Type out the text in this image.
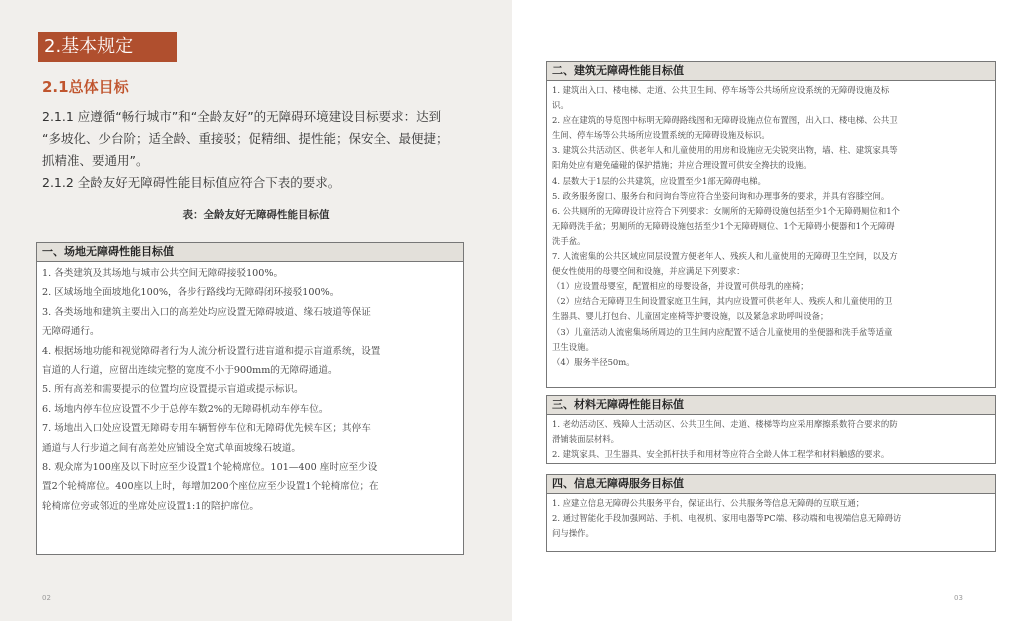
2.基本规定
2.1总体目标
2.1.1 应遵循“畅行城市”和“全龄友好”的无障碍环境建设目标要求：达到
“多坡化、少台阶；适全龄、重接驳；促精细、提性能；保安全、最便捷；
抓精准、要通用”。
2.1.2 全龄友好无障碍性能目标值应符合下表的要求。
表：全龄友好无障碍性能目标值
一、场地无障碍性能目标值
1. 各类建筑及其场地与城市公共空间无障碍接驳100%。
2. 区域场地全面坡地化100%，各步行路线均无障碍闭环接驳100%。
3. 各类场地和建筑主要出入口的高差处均应设置无障碍坡道、缘石坡道等保证
无障碍通行。
4. 根据场地功能和视觉障碍者行为人流分析设置行进盲道和提示盲道系统，设置
盲道的人行道，应留出连续完整的宽度不小于900mm的无障碍通道。
5. 所有高差和需要提示的位置均应设置提示盲道或提示标识。
6. 场地内停车位应设置不少于总停车数2%的无障碍机动车停车位。
7. 场地出入口处应设置无障碍专用车辆暂停车位和无障碍优先候车区；其停车
通道与人行步道之间有高差处应铺设全宽式单面坡缘石坡道。
8. 观众席为100座及以下时应至少设置1个轮椅席位。101—400 座时应至少设
置2个轮椅席位。400座以上时，每增加200个座位应至少设置1个轮椅席位；在
轮椅席位旁或邻近的坐席处应设置1:1的陪护席位。
02
二、建筑无障碍性能目标值
1. 建筑出入口、楼电梯、走道、公共卫生间、停车场等公共场所应设系统的无障碍设施及标
识。
2. 应在建筑的导览图中标明无障碍路线图和无障碍设施点位布置图，出入口、楼电梯、公共卫
生间、停车场等公共场所应设置系统的无障碍设施及标识。
3. 建筑公共活动区、供老年人和儿童使用的用房和设施应无尖锐突出物，墙、柱、建筑家具等
阳角处应有避免磕碰的保护措施；并应合理设置可供安全搀扶的设施。
4. 层数大于1层的公共建筑，应设置至少1部无障碍电梯。
5. 政务服务窗口、服务台和问询台等应符合坐姿问询和办理事务的要求，并具有容膝空间。
6. 公共厕所的无障碍设计应符合下列要求：女厕所的无障碍设施包括至少1个无障碍厕位和1个
无障碍洗手盆；男厕所的无障碍设施包括至少1个无障碍厕位、1个无障碍小便器和1个无障碍
洗手盆。
7. 人流密集的公共区域应同层设置方便老年人、残疾人和儿童使用的无障碍卫生空间，以及方
便女性使用的母婴空间和设施，并应满足下列要求：
（1）应设置母婴室，配置相应的母婴设备，并设置可供母乳的座椅；
（2）应结合无障碍卫生间设置家庭卫生间，其内应设置可供老年人、残疾人和儿童使用的卫
生器具、婴儿打包台、儿童固定座椅等护婴设施，以及紧急求助呼叫设备；
（3）儿童活动人流密集场所周边的卫生间内应配置不适合儿童使用的坐便器和洗手盆等适童
卫生设施。
（4）服务半径50m。
三、材料无障碍性能目标值
1. 老幼活动区、残障人士活动区、公共卫生间、走道、楼梯等均应采用摩擦系数符合要求的防
滑铺装面层材料。
2. 建筑家具、卫生器具、安全抓杆扶手和用材等应符合全龄人体工程学和材料触感的要求。
四、信息无障碍服务目标值
1. 应建立信息无障碍公共服务平台，保证出行、公共服务等信息无障碍的互联互通；
2. 通过智能化手段加强网站、手机、电视机、家用电器等PC端、移动端和电视端信息无障碍访
问与操作。
03
